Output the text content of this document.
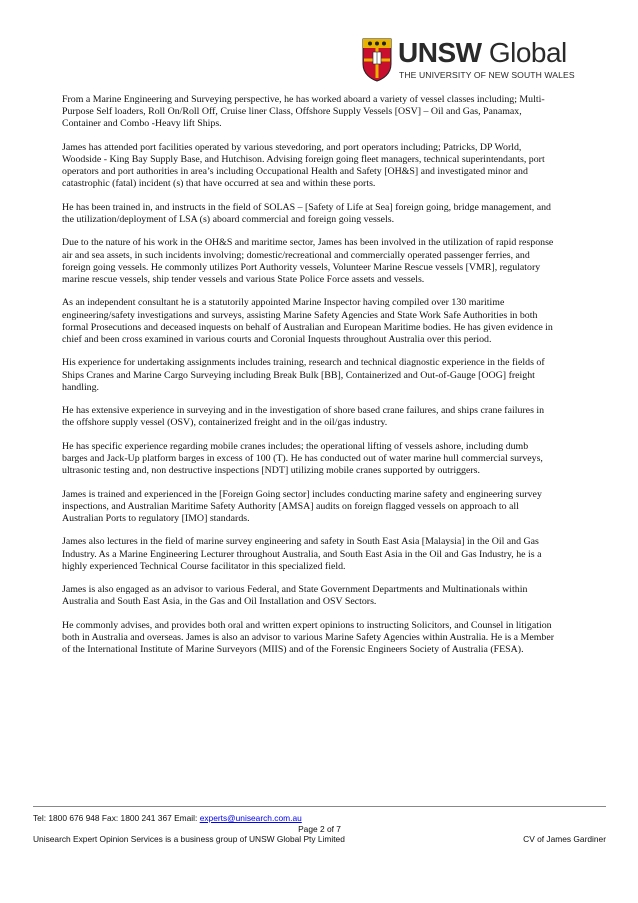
UNSW Global
THE UNIVERSITY OF NEW SOUTH WALES

From a Marine Engineering and Surveying perspective, he has worked aboard a variety of vessel classes including; Multi-Purpose Self loaders, Roll On/Roll Off, Cruise liner Class, Offshore Supply Vessels [OSV] – Oil and Gas, Panamax, Container and Combo -Heavy lift Ships.

James has attended port facilities operated by various stevedoring, and port operators including; Patricks, DP World, Woodside - King Bay Supply Base, and Hutchison. Advising foreign going fleet managers, technical superintendants, port operators and port authorities in area’s including Occupational Health and Safety [OH&S] and investigated minor and catastrophic (fatal) incident (s) that have occurred at sea and within these ports.

He has been trained in, and instructs in the field of SOLAS – [Safety of Life at Sea] foreign going, bridge management, and the utilization/deployment of LSA (s) aboard commercial and foreign going vessels.

Due to the nature of his work in the OH&S and maritime sector, James has been involved in the utilization of rapid response air and sea assets, in such incidents involving; domestic/recreational and commercially operated passenger ferries, and foreign going vessels. He commonly utilizes Port Authority vessels, Volunteer Marine Rescue vessels [VMR], regulatory marine rescue vessels, ship tender vessels and various State Police Force assets and vessels.

As an independent consultant he is a statutorily appointed Marine Inspector having compiled over 130 maritime engineering/safety investigations and surveys, assisting Marine Safety Agencies and State Work Safe Authorities in both formal Prosecutions and deceased inquests on behalf of Australian and European Maritime bodies. He has given evidence in chief and been cross examined in various courts and Coronial Inquests throughout Australia over this period.

His experience for undertaking assignments includes training, research and technical diagnostic experience in the fields of Ships Cranes and Marine Cargo Surveying including Break Bulk [BB], Containerized and Out-of-Gauge [OOG] freight handling.

He has extensive experience in surveying and in the investigation of shore based crane failures, and ships crane failures in the offshore supply vessel (OSV), containerized freight and in the oil/gas industry.

He has specific experience regarding mobile cranes includes; the operational lifting of vessels ashore, including dumb barges and Jack-Up platform barges in excess of 100 (T). He has conducted out of water marine hull commercial surveys, ultrasonic testing and, non destructive inspections [NDT] utilizing mobile cranes supported by outriggers.

James is trained and experienced in the [Foreign Going sector] includes conducting marine safety and engineering survey inspections, and Australian Maritime Safety Authority [AMSA] audits on foreign flagged vessels on approach to all Australian Ports to regulatory [IMO] standards.

James also lectures in the field of marine survey engineering and safety in South East Asia [Malaysia] in the Oil and Gas Industry. As a Marine Engineering Lecturer throughout Australia, and South East Asia in the Oil and Gas Industry, he is a highly experienced Technical Course facilitator in this specialized field.

James is also engaged as an advisor to various Federal, and State Government Departments and Multinationals within Australia and South East Asia, in the Gas and Oil Installation and OSV Sectors.

He commonly advises, and provides both oral and written expert opinions to instructing Solicitors, and Counsel in litigation both in Australia and overseas. James is also an advisor to various Marine Safety Agencies within Australia. He is a Member of the International Institute of Marine Surveyors (MIIS) and of the Forensic Engineers Society of Australia (FESA).

Tel: 1800 676 948 Fax: 1800 241 367 Email: experts@unisearch.com.au
Page 2 of 7
Unisearch Expert Opinion Services is a business group of UNSW Global Pty Limited	CV of James Gardiner
